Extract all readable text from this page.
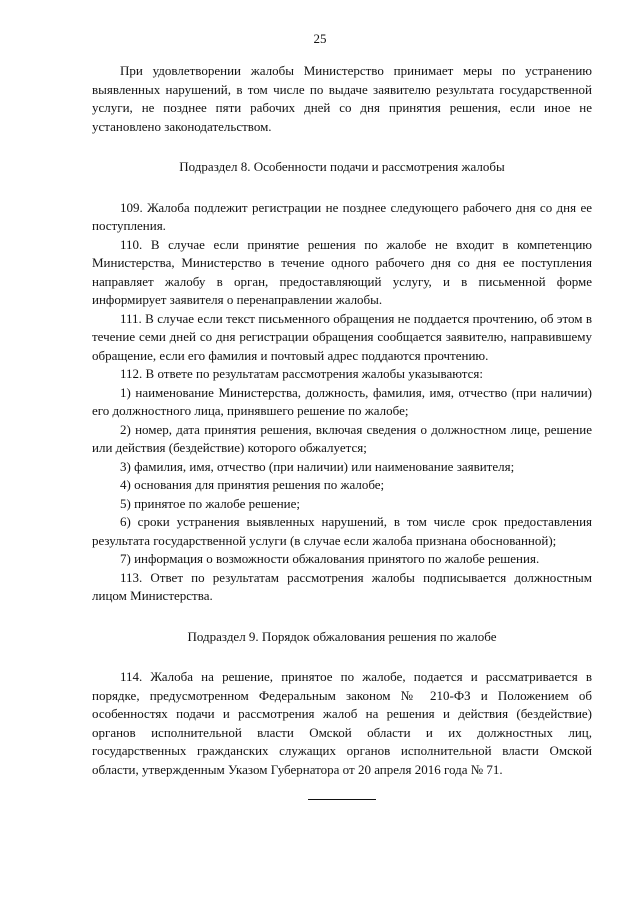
25

При удовлетворении жалобы Министерство принимает меры по устранению выявленных нарушений, в том числе по выдаче заявителю результата государственной услуги, не позднее пяти рабочих дней со дня принятия решения, если иное не установлено законодательством.

Подраздел 8. Особенности подачи и рассмотрения жалобы

109. Жалоба подлежит регистрации не позднее следующего рабочего дня со дня ее поступления.

110. В случае если принятие решения по жалобе не входит в компетенцию Министерства, Министерство в течение одного рабочего дня со дня ее поступления направляет жалобу в орган, предоставляющий услугу, и в письменной форме информирует заявителя о перенаправлении жалобы.

111. В случае если текст письменного обращения не поддается прочтению, об этом в течение семи дней со дня регистрации обращения сообщается заявителю, направившему обращение, если его фамилия и почтовый адрес поддаются прочтению.

112. В ответе по результатам рассмотрения жалобы указываются:

1) наименование Министерства, должность, фамилия, имя, отчество (при наличии) его должностного лица, принявшего решение по жалобе;

2) номер, дата принятия решения, включая сведения о должностном лице, решение или действия (бездействие) которого обжалуется;

3) фамилия, имя, отчество (при наличии) или наименование заявителя;

4) основания для принятия решения по жалобе;

5) принятое по жалобе решение;

6) сроки устранения выявленных нарушений, в том числе срок предоставления результата государственной услуги (в случае если жалоба признана обоснованной);

7) информация о возможности обжалования принятого по жалобе решения.

113. Ответ по результатам рассмотрения жалобы подписывается должностным лицом Министерства.

Подраздел 9. Порядок обжалования решения по жалобе

114. Жалоба на решение, принятое по жалобе, подается и рассматривается в порядке, предусмотренном Федеральным законом № 210-ФЗ и Положением об особенностях подачи и рассмотрения жалоб на решения и действия (бездействие) органов исполнительной власти Омской области и их должностных лиц, государственных гражданских служащих органов исполнительной власти Омской области, утвержденным Указом Губернатора от 20 апреля 2016 года № 71.
